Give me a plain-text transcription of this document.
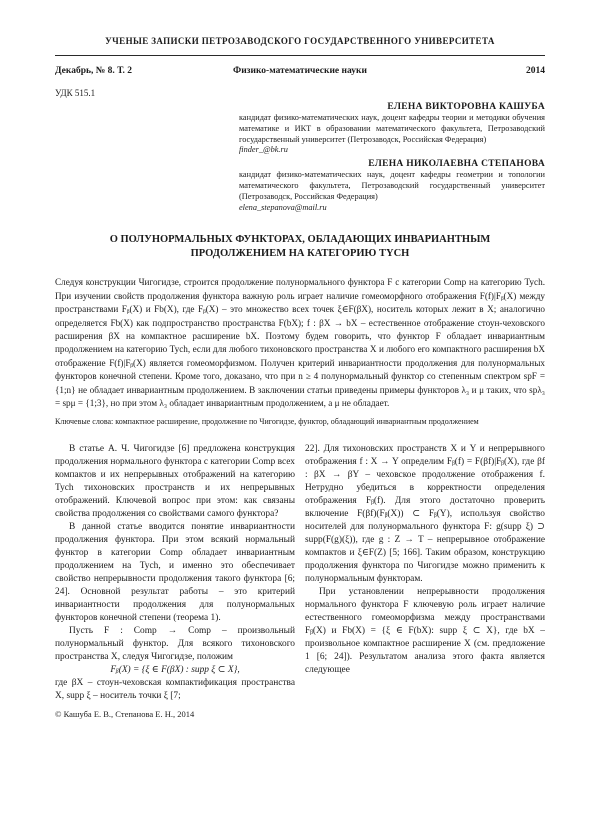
УЧЕНЫЕ ЗАПИСКИ ПЕТРОЗАВОДСКОГО ГОСУДАРСТВЕННОГО УНИВЕРСИТЕТА
Декабрь, № 8. Т. 2	Физико-математические науки	2014
УДК 515.1
ЕЛЕНА ВИКТОРОВНА КАШУБА
кандидат физико-математических наук, доцент кафедры теории и методики обучения математике и ИКТ в образовании математического факультета, Петрозаводский государственный университет (Петрозаводск, Российская Федерация)
finder_@bk.ru
ЕЛЕНА НИКОЛАЕВНА СТЕПАНОВА
кандидат физико-математических наук, доцент кафедры геометрии и топологии математического факультета, Петрозаводский государственный университет (Петрозаводск, Российская Федерация)
elena_stepanova@mail.ru
О ПОЛУНОРМАЛЬНЫХ ФУНКТОРАХ, ОБЛАДАЮЩИХ ИНВАРИАНТНЫМ
ПРОДОЛЖЕНИЕМ НА КАТЕГОРИЮ TYCH
Следуя конструкции Чигогидзе, строится продолжение полунормального функтора F с категории Comp на категорию Tych. При изучении свойств продолжения функтора важную роль играет наличие гомеоморфного отображения F(f)|Fᵦ(X) между пространствами Fᵦ(X) и Fb(X), где Fᵦ(X) – это множество всех точек ξ∈F(βX), носитель которых лежит в X; аналогично определяется Fb(X) как подпространство пространства F(bX); f : βX → bX – естественное отображение стоун-чеховского расширения βX на компактное расширение bX. Поэтому будем говорить, что функтор F обладает инвариантным продолжением на категорию Tych, если для любого тихоновского пространства X и любого его компактного расширения bX отображение F(f)|Fᵦ(X) является гомеоморфизмом. Получен критерий инвариантности продолжения для полунормальных функторов конечной степени. Кроме того, доказано, что при n ≥ 4 полунормальный функтор со степенным спектром spF = {1;n} не обладает инвариантным продолжением. В заключении статьи приведены примеры функторов λ₃ и μ таких, что spλ₃ = spμ = {1;3}, но при этом λ₃ обладает инвариантным продолжением, а μ не обладает.
Ключевые слова: компактное расширение, продолжение по Чигогидзе, функтор, обладающий инвариантным продолжением

В статье А. Ч. Чигогидзе [6] предложена конструкция продолжения нормального функтора с категории Comp всех компактов и их непрерывных отображений на категорию Tych тихоновских пространств и их непрерывных отображений. Ключевой вопрос при этом: как связаны свойства продолжения со свойствами самого функтора?

В данной статье вводится понятие инвариантности продолжения функтора. При этом всякий нормальный функтор в категории Comp обладает инвариантным продолжением на Tych, и именно это обеспечивает свойство непрерывности продолжения такого функтора [6; 24]. Основной результат работы – это критерий инвариантности продолжения для полунормальных функторов конечной степени (теорема 1).

Пусть F : Comp → Comp – произвольный полунормальный функтор. Для всякого тихоновского пространства X, следуя Чигогидзе, положим

Fᵦ(X) = {ξ ∈ F(βX) : supp ξ ⊂ X},

где βX – стоун-чеховская компактификация пространства X, supp ξ – носитель точки ξ [7;

22]. Для тихоновских пространств X и Y и непрерывного отображения f : X → Y определим Fᵦ(f) = F(βf)|Fᵦ(X), где βf : βX → βY – чеховское продолжение отображения f. Нетрудно убедиться в корректности определения отображения Fᵦ(f). Для этого достаточно проверить включение F(βf)(Fᵦ(X)) ⊂ Fᵦ(Y), используя свойство носителей для полунормального функтора F: g(supp ξ) ⊃ supp(F(g)(ξ)), где g : Z → T – непрерывное отображение компактов и ξ∈F(Z) [5; 166]. Таким образом, конструкцию продолжения функтора по Чигогидзе можно применить к полунормальным функторам.

При установлении непрерывности продолжения нормального функтора F ключевую роль играет наличие естественного гомеоморфизма между пространствами Fᵦ(X) и Fb(X) = {ξ ∈ F(bX): supp ξ ⊂ X}, где bX – произвольное компактное расширение X (см. предложение 1 [6; 24]). Результатом анализа этого факта является следующее

© Кашуба Е. В., Степанова Е. Н., 2014
